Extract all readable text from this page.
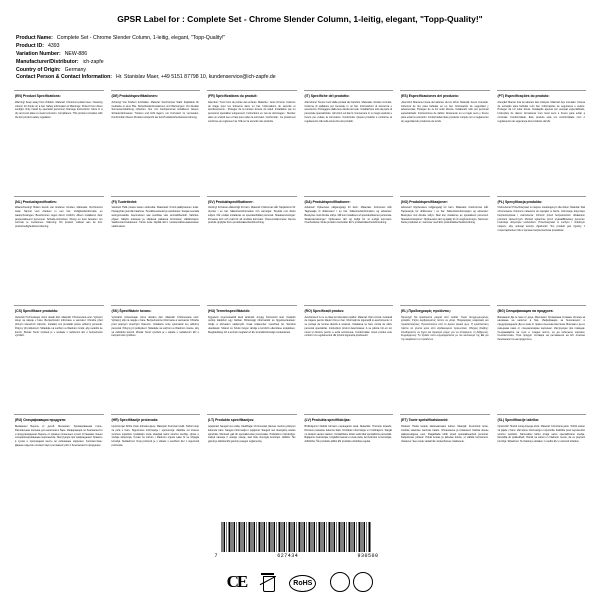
GPSR Label for : Complete Set - Chrome Slender Column, 1-leitig, elegant, "Topp-Quality!"
Product Name: Complete Set - Chrome Slender Column, 1-leitig, elegant, "Topp-Quality!"
Product ID: 4393
Variation Number: NEW-886
Manufacturer/Distributor: ich-zapfe
Country of Origin: Germany
Contact Person & Contact Information: Hr. Stanislav Maer, +49 5151 87798 10, kundenservice@ich-zapfe.de
(EN) Product Specifications:
Warning! Keep away from children. Material: Chromium-plated stee. Cleaning column for drinks on a bar. Safety information & Warnings: Protect from direct sunlight. Only install by specialist personnel. Damage instructions: Store in a dry and cool place to avoid corrosion. Compliance: This product complies with the EU product safety regulation.
(DE) Produktspezifikationen:
Achtung! Von Kindern fernhalten. Material: Verchromter Stahl. Zapfsäule für Getränke in einer Bar. Sicherheitsinformationen und Warnungen: Vor direkter Sonneneinstrahlung schützen. Nur von Fachpersonal installieren lassen. Schadenshinweise: Trocken und kühl lagern, um Korrosion zu vermeiden. Konformität: Dieses Produkt entspricht der EU-Produktsicherheitsverordnung.
(FR) Spécifications du produit:
Attention ! Tenir hors de portée des enfants. Matériau : Acier chromé. Colonne de tirage pour les boissons dans un bar. Informations de sécurité et avertissements : Protéger de la lumière directe du soleil. Installation par un personnel spécialisé uniquement. Instructions en cas de dommages : Stocker dans un endroit sec et frais pour éviter la corrosion. Conformité : Ce produit est conforme au règlement de l'UE sur la sécurité des produits.
(IT) Specifiche del prodotto:
Attenzione! Tenere fuori dalla portata dei bambini. Materiale: Acciaio cromato. Colonna di spillatura per bevande in un bar. Informazioni di sicurezza e avvertenze: Proteggere dalla luce diretta del sole. Installazione solo da parte di personale specializzato. Istruzioni sui danni: Conservare in un luogo asciutto e fresco per evitare la corrosione. Conformità: Questo prodotto è conforme al regolamento UE sulla sicurezza dei prodotti.
(ES) Especificaciones del producto:
¡Atención! Mantener fuera del alcance de los niños. Material: Acero cromado. Columna de tiro para bebidas en un bar. Información de seguridad y advertencias: Proteger de la luz solar directa. Instalación sólo por personal especializado. Instrucciones de daños: Almacenar en un lugar seco y fresco para evitar la corrosión. Conformidad: Este producto cumple con el reglamento de seguridad de productos de la UE.
(PT) Especificações do produto:
Atenção! Manter fora do alcance das crianças. Material: Aço cromado. Coluna de extração para bebidas num bar. Informações de segurança e avisos: Proteger da luz solar direta. Instalação apenas por pessoal especializado. Instruções de danos: Armazenar num local seco e fresco para evitar a corrosão. Conformidade: Este produto está em conformidade com o regulamento de segurança dos produtos da UE.
(NL) Productspecificaties:
Waarschuwing! Buiten bereik van kinderen houden. Materiaal: Verchroomd staal. Tapzuil voor dranken in een bar. Veiligheidsinformatie en waarschuwingen: Beschermen tegen direct zonlicht. Alleen installeren door gespecialiseerd personeel. Schade-instructies: Droog en koel bewaren om corrosie te voorkomen. Naleving: Dit product voldoet aan de EU-productveiligheidsverordening.
(FI) Tuotetiedot:
Varoitus! Pidä poissa lasten ulottuvilta. Materiaali: Kromi-päällysteinen teräs. Hanapylväs juomille baarissa. Turvallisuustiedot ja varoitukset: Suojaa suoralta auringonvalolta. Asennuksen saa suorittaa vain ammattihenkilö. Vahinko-ohjeet: Säilytä kuivassa ja viileässä paikassa korroosion välttämiseksi. Vaatimustenmukaisuus: Tämä tuote täyttää EU:n tuoteturvallisuusasetuksen vaatimukset.
(SV) Produktspecifikationer:
Varning! Förvaras oåtkomligt för barn. Material: Förkromat stål. Tappkolonn för drycker i en bar. Säkerhetsinformation och varningar: Skydda mot direkt solljus. Får endast installeras av specialutbildad personal. Skadeanvisningar: Förvaras torrt och svalt för att undvika korrosion. Överensstämmelse: Denna produkt uppfyller EU:s produktsäkerhetsförordning.
(DA) Produktspecifikationer:
Advarsel! Opbevares utilgængeligt for børn. Materiale: Forkromet stål. Tappesøjle til drikkevarer i en bar. Sikkerhedsinformation og advarsler: Beskyttes mod direkte sollys. Må kun installeres af specialuddannet personale. Skadesanvisninger: Opbevares tørt og køligt for at undgå korrosion. Overholdelse: Dette produkt overholder EU's produktsikkerhedsforordning.
(NO) Produktspesifikasjoner:
Advarsel! Oppbevares utilgjengelig for barn. Materiale: Forkrommet stål. Tappesøyle for drikkevarer i en bar. Sikkerhetsinformasjon og advarsler: Beskyttes mot direkte sollys. Skal kun installeres av spesialisert personell. Skadeinstruksjoner: Oppbevares tørt og kjølig for å unngå korrosjon. Samsvar: Dette produktet er i samsvar med EUs produktsikkerhetsforordning.
(PL) Specyfikacja produktu:
Ostrzeżenie! Przechowywać w miejscu niedostępnym dla dzieci. Materiał: Stal chromowana. Kolumna nalewcza do napojów w barze. Informacje dotyczące bezpieczeństwa i ostrzeżenia: Chronić przed bezpośrednim działaniem promieni słonecznych. Montaż wyłącznie przez wykwalifikowany personel. Instrukcje dotyczące uszkodzeń: Przechowywać w suchym i chłodnym miejscu, aby uniknąć korozji. Zgodność: Ten produkt jest zgodny z rozporządzeniem UE w sprawie bezpieczeństwa produktów.
(CS) Specifikace produktu:
Varování! Uchovávejte mimo dosah dětí. Materiál: Chromovaná ocel. Výčepní sloup na nápoje v baru. Bezpečnostní informace a varování: Chraňte před přímým slunečním zářením. Instalaci smí provádět pouze odborný personál. Pokyny při poškození: Skladujte na suchém a chladném místě, aby nedošlo ke korozi. Shoda: Tento výrobek je v souladu s nařízením EU o bezpečnosti výrobků.
(SK) Špecifikácie tovaru:
Výstraha! Uchovávajte mimo dosahu detí. Materiál: Chrómovaná oceľ. Výčapný stĺp na nápoje v bare. Bezpečnostné informácie a varovania: Chráňte pred priamym slnečným žiarením. Inštaláciu smie vykonávať len odborný personál. Pokyny pri poškodení: Skladujte na suchom a chladnom mieste, aby sa zabránilo korózii. Zhoda: Tento výrobok je v súlade s nariadením EÚ o bezpečnosti výrobkov.
(HU) Termékspecifikációk:
Figyelem! Gyermekektől távol tartandó. Anyag: Krómozott acél. Csapoló oszlop italokhoz egy bárban. Biztonsági információk és figyelmeztetések: Védje a közvetlen napfénytől. Csak szakember szerelheti fel. Sérülési utasítások: Száraz és hűvös helyen tárolja a korrózió elkerülése érdekében. Megfelelőség: Ez a termék megfelel az EU termékbiztonsági rendeletének.
(RO) Specificații produs:
Avertisment! A nu se lăsa la îndemâna copiilor. Material: Oțel cromat. Coloană de tragere pentru băuturi într-un bar. Informații de siguranță și avertismente: A se proteja de lumina directă a soarelui. Instalarea se face numai de către personal specializat. Instrucțiuni privind deteriorarea: A se păstra într-un loc uscat și răcoros pentru a evita coroziunea. Conformitate: Acest produs este conform cu regulamentul UE privind siguranța produselor.
(EL) Προδιαγραφές προϊόντος:
Προσοχή! Να φυλάσσεται μακριά από παιδιά. Υλικό: Επιχρωμιωμένος χάλυβας. Στήλη σερβιρίσματος ποτών σε μπαρ. Πληροφορίες ασφαλείας και προειδοποιήσεις: Προστατεύστε από το άμεσο ηλιακό φως. Η εγκατάσταση πρέπει να γίνεται μόνο από εξειδικευμένο προσωπικό. Οδηγίες βλάβης: Αποθηκεύστε σε ξηρό και δροσερό μέρος για να αποφύγετε τη διάβρωση. Συμμόρφωση: Το προϊόν αυτό συμμορφώνεται με τον κανονισμό της ΕΕ για την ασφάλεια των προϊόντων.
(BG) Спецификация на продукта:
Внимание! Да се пази от деца. Материал: Хромирана стомана. Колона за наливане на напитки в бар. Информация за безопасност и предупреждения: Да се пази от пряка слънчева светлина. Монтажът да се извършва само от специализиран персонал. Инструкции при повреда: Съхранявайте на сухо и хладно място, за да избегнете корозия. Съответствие: Този продукт отговаря на регламента на ЕС относно безопасността на продуктите.
(RU) Спецификации продукта:
Внимание! Беречь от детей. Материал: Хромированная сталь. Разливочная колонна для напитков в баре. Информация по безопасности и предупреждения: Беречь от прямых солнечных лучей. Установка только специализированным персоналом. Инструкции при повреждении: Хранить в сухом и прохладном месте во избежание коррозии. Соответствие: Данное изделие соответствует регламенту ЕС о безопасности продукции.
(HR) Specifikacije proizvoda:
Upozorenje! Držite izvan dohvata djece. Materijal: Kromirani čelik. Točioni stup za pića u baru. Sigurnosne informacije i upozorenja: Zaštitite od izravne sunčeve svjetlosti. Instalaciju smije obavljati samo stručno osoblje. Upute u slučaju oštećenja: Čuvati na suhom i hladnom mjestu kako bi se izbjegla korozija. Sukladnost: Ovaj proizvod je u skladu s uredbom EU o sigurnosti proizvoda.
(LT) Produkto specifikacijos:
Įspėjimas! Saugoti nuo vaikų. Medžiaga: Chromuotas plienas. Gėrimų pilstymo kolonėlė bare. Saugos informacija ir įspėjimai: Saugoti nuo tiesioginių saulės spindulių. Montuoti gali tik specializuotas personalas. Pažeidimo instrukcijos: Laikyti sausoje ir vėsioje vietoje, kad būtų išvengta korozijos. Atitiktis: Šis gaminys atitinka ES gaminių saugos reglamentą.
(LV) Produkta specifikācijas:
Brīdinājums! Glabāt bērniem nepieejamā vietā. Materiāls: Hromēts tērauds. Dzērienu liešanas kolonna bārā. Drošības informācija un brīdinājumi: Sargāt no tiešiem saules stariem. Uzstādīšanu drīkst veikt tikai specializēts personāls. Bojājumu instrukcijas: Uzglabāt sausā un vēsā vietā, lai izvairītos no korozijas. Atbilstība: Šis produkts atbilst ES produktu drošības regulai.
(ET) Toote spetsifikatsioonid:
Hoiatus! Hoida lastele kättesaamatus kohas. Materjal: Kroomitud teras. Jookide valamise sammas baaris. Ohutusteave ja hoiatused: Kaitsta otsese päikesevalguse eest. Paigaldada tohib ainult spetsialiseeritud personal. Kahjustuste juhised: Hoida kuivas ja jahedas kohas, et vältida korrosiooni. Vastavus: See toode vastab ELi tooteohutuse määrusele.
(SL) Specifikacije izdelka:
Opozorilo! Hraniti zunaj dosega otrok. Material: Kromirano jeklo. Točilni steber za pijače v baru. Varnostne informacije in opozorila: Zaščitite pred neposredno sončno svetlobo. Namestitev lahko izvaja samo specializirano osebje. Navodila ob poškodbah: Hraniti na suhem in hladnem mestu, da se prepreči korozija. Skladnost: Ta izdelek je skladen z uredbo EU o varnosti izdelkov.
7	627434	930500
CE	RoHS
